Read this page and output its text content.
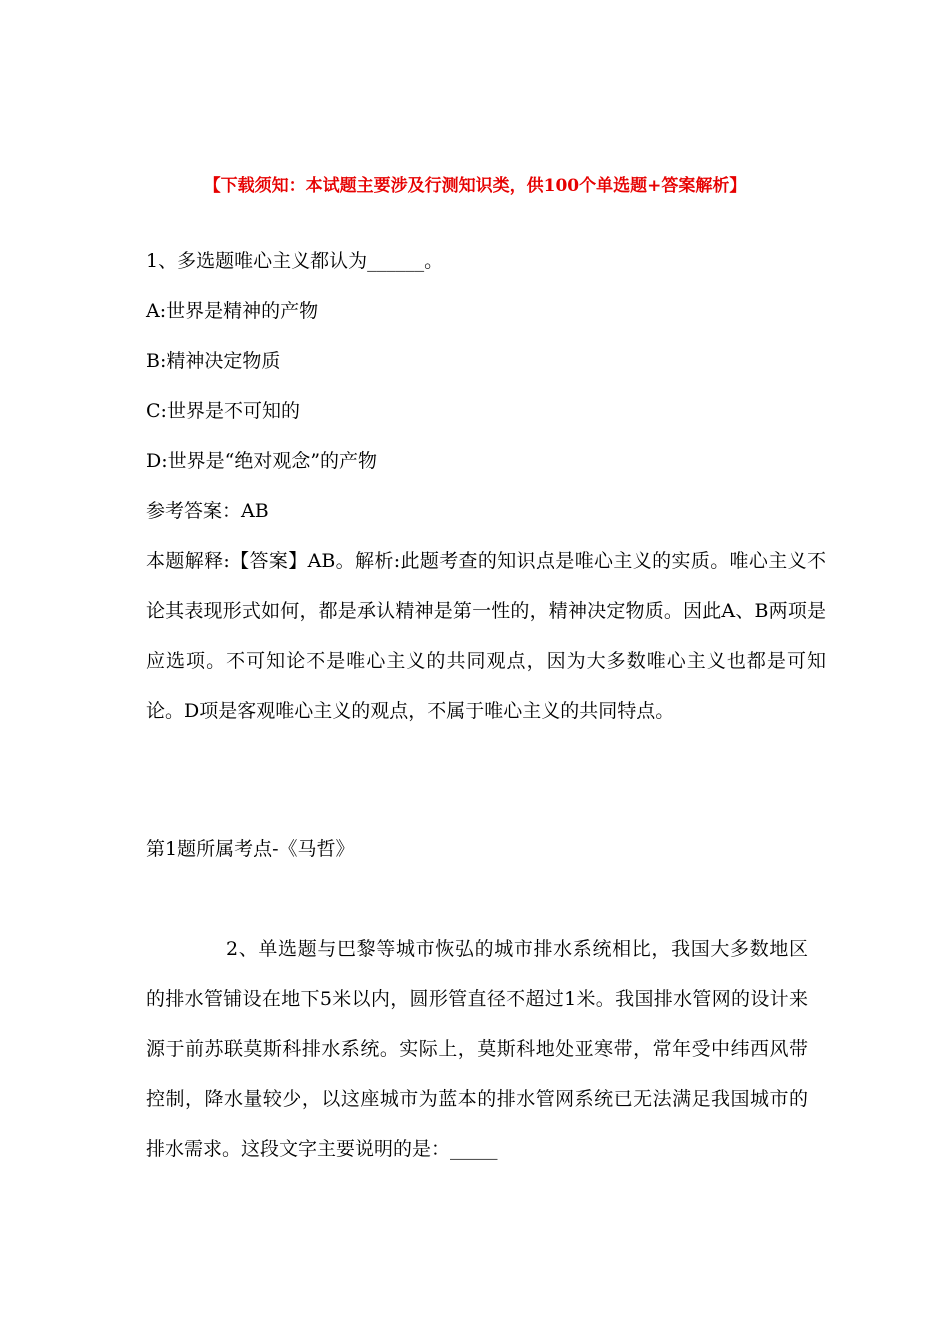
【下载须知：本试题主要涉及行测知识类，供100个单选题+答案解析】

1、多选题唯心主义都认为______。

A:世界是精神的产物

B:精神决定物质

C:世界是不可知的

D:世界是“绝对观念”的产物

参考答案：AB

本题解释:【答案】AB。解析:此题考查的知识点是唯心主义的实质。唯心主义不论其表现形式如何，都是承认精神是第一性的，精神决定物质。因此A、B两项是应选项。不可知论不是唯心主义的共同观点，因为大多数唯心主义也都是可知论。D项是客观唯心主义的观点，不属于唯心主义的共同特点。

第1题所属考点-《马哲》
2、单选题与巴黎等城市恢弘的城市排水系统相比，我国大多数地区的排水管铺设在地下5米以内，圆形管直径不超过1米。我国排水管网的设计来源于前苏联莫斯科排水系统。实际上，莫斯科地处亚寒带，常年受中纬西风带控制，降水量较少，以这座城市为蓝本的排水管网系统已无法满足我国城市的排水需求。这段文字主要说明的是：_____
